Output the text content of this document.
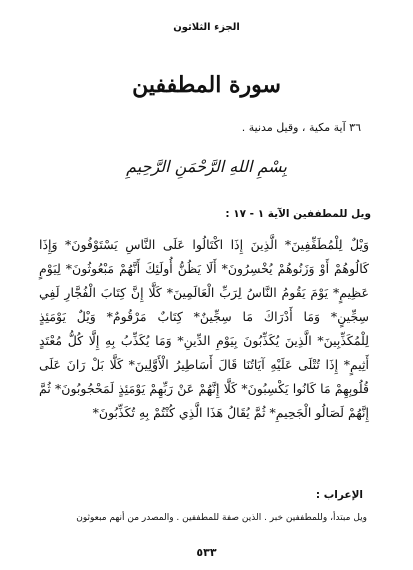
الجزء الثلاثون
سورة المطففين
٣٦ آية مكية ، وقيل مدنية .
بِسْمِ اللهِ الرَّحْمَنِ الرَّحِيمِ
ويل للمطففين الآية ١ - ١٧ :

وَيْلٌ لِلْمُطَفِّفِينَ* الَّذِينَ إِذَا اكْتَالُوا عَلَى النَّاسِ يَسْتَوْفُونَ* وَإِذَا كَالُوهُمْ أَوْ وَزَنُوهُمْ يُخْسِرُونَ* أَلَا يَظُنُّ أُولَئِكَ أَنَّهُمْ مَبْعُوثُونَ* لِيَوْمٍ عَظِيمٍ* يَوْمَ يَقُومُ النَّاسُ لِرَبِّ الْعَالَمِينَ* كَلَّا إِنَّ كِتَابَ الْفُجَّارِ لَفِي سِجِّينٍ* وَمَا أَدْرَاكَ مَا سِجِّينٌ* كِتَابٌ مَرْقُومٌ* وَيْلٌ يَوْمَئِذٍ لِلْمُكَذِّبِينَ* الَّذِينَ يُكَذِّبُونَ بِيَوْمِ الدِّينِ* وَمَا يُكَذِّبُ بِهِ إِلَّا كُلُّ مُعْتَدٍ أَثِيمٍ* إِذَا تُتْلَى عَلَيْهِ آيَاتُنَا قَالَ أَسَاطِيرُ الْأَوَّلِينَ* كَلَّا بَلْ رَانَ عَلَى قُلُوبِهِمْ مَا كَانُوا يَكْسِبُونَ* كَلَّا إِنَّهُمْ عَنْ رَبِّهِمْ يَوْمَئِذٍ لَمَحْجُوبُونَ* ثُمَّ إِنَّهُمْ لَصَالُو الْجَحِيمِ* ثُمَّ يُقَالُ هَذَا الَّذِي كُنْتُمْ بِهِ تُكَذِّبُونَ*

الإعراب :
ويل مبتدأ، وللمطففين خبر . الذين صفة للمطففين . والمصدر من أنهم مبعوثون
٥٣٣
